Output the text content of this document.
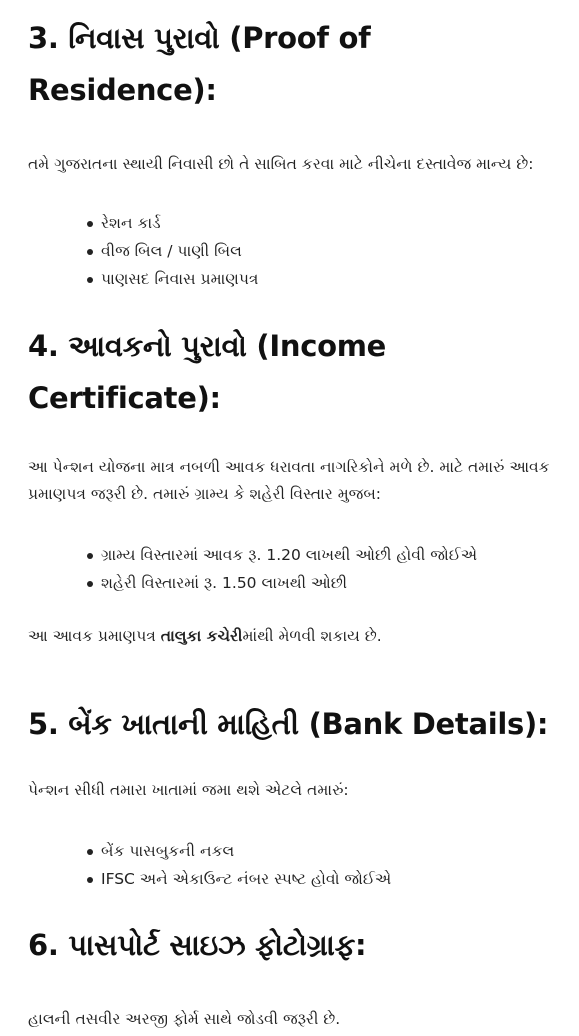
3. નિવાસ પુરાવો (Proof of Residence):

તમે ગુજરાતના સ્થાયી નિવાસી છો તે સાબિત કરવા માટે નીચેના દસ્તાવેજ માન્ય છે:

રેશન કાર્ડ
વીજ બિલ / પાણી બિલ
પાણસદ નિવાસ પ્રમાણપત્ર
4. આવકનો પુરાવો (Income Certificate):

આ પેન્શન યોજના માત્ર નબળી આવક ધરાવતા નાગરિકોને મળે છે. માટે તમારું આવક પ્રમાણપત્ર જરૂરી છે. તમારું ગ્રામ્ય કે શહેરી વિસ્તાર મુજબ:

ગ્રામ્ય વિસ્તારમાં આવક રૂ. 1.20 લાખથી ઓછી હોવી જોઈએ
શહેરી વિસ્તારમાં રૂ. 1.50 લાખથી ઓછી

આ આવક પ્રમાણપત્ર તાલુકા કચેરીમાંથી મેળવી શકાય છે.

5. બેંક ખાતાની માહિતી (Bank Details):

પેન્શન સીધી તમારા ખાતામાં જમા થશે એટલે તમારું:

બેંક પાસબુકની નકલ
IFSC અને એકાઉન્ટ નંબર સ્પષ્ટ હોવો જોઈએ
6. પાસપોર્ટ સાઇઝ ફોટોગ્રાફ:

હાલની તસવીર અરજી ફોર્મ સાથે જોડવી જરૂરી છે.
